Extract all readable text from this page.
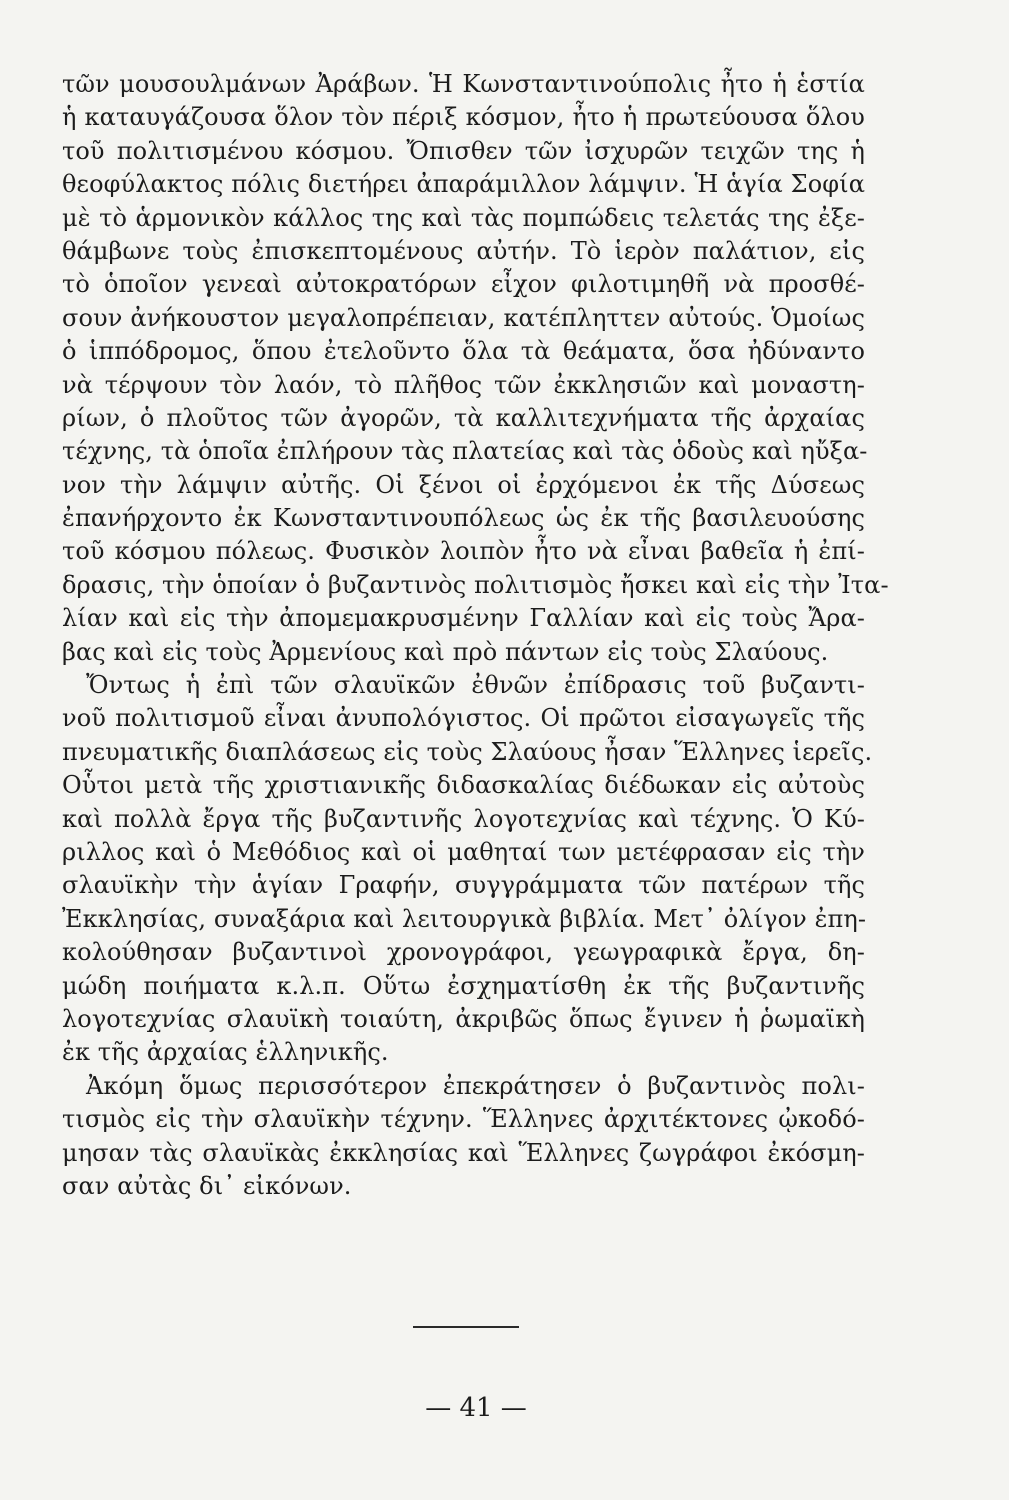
τῶν μουσουλμάνων Ἀράβων. Ἡ Κωνσταντινούπολις ἦτο ἡ ἑστία
ἡ καταυγάζουσα ὅλον τὸν πέριξ κόσμον, ἦτο ἡ πρωτεύουσα ὅλου
τοῦ πολιτισμένου κόσμου. Ὄπισθεν τῶν ἰσχυρῶν τειχῶν της ἡ
θεοφύλακτος πόλις διετήρει ἀπαράμιλλον λάμψιν. Ἡ ἁγία Σοφία
μὲ τὸ ἁρμονικὸν κάλλος της καὶ τὰς πομπώδεις τελετάς της ἐξε-
θάμβωνε τοὺς ἐπισκεπτομένους αὐτήν. Τὸ ἱερὸν παλάτιον, εἰς
τὸ ὁποῖον γενεαὶ αὐτοκρατόρων εἶχον φιλοτιμηθῆ νὰ προσθέ-
σουν ἀνήκουστον μεγαλοπρέπειαν, κατέπληττεν αὐτούς. Ὁμοίως
ὁ ἱππόδρομος, ὅπου ἐτελοῦντο ὅλα τὰ θεάματα, ὅσα ἠδύναντο
νὰ τέρψουν τὸν λαόν, τὸ πλῆθος τῶν ἐκκλησιῶν καὶ μοναστη-
ρίων, ὁ πλοῦτος τῶν ἀγορῶν, τὰ καλλιτεχνήματα τῆς ἀρχαίας
τέχνης, τὰ ὁποῖα ἐπλήρουν τὰς πλατείας καὶ τὰς ὁδοὺς καὶ ηὔξα-
νον τὴν λάμψιν αὐτῆς. Οἱ ξένοι οἱ ἐρχόμενοι ἐκ τῆς Δύσεως
ἐπανήρχοντο ἐκ Κωνσταντινουπόλεως ὡς ἐκ τῆς βασιλευούσης
τοῦ κόσμου πόλεως. Φυσικὸν λοιπὸν ἦτο νὰ εἶναι βαθεῖα ἡ ἐπί-
δρασις, τὴν ὁποίαν ὁ βυζαντινὸς πολιτισμὸς ἤσκει καὶ εἰς τὴν Ἰτα-
λίαν καὶ εἰς τὴν ἀπομεμακρυσμένην Γαλλίαν καὶ εἰς τοὺς Ἄρα-
βας καὶ εἰς τοὺς Ἀρμενίους καὶ πρὸ πάντων εἰς τοὺς Σλαύους.
Ὄντως ἡ ἐπὶ τῶν σλαυϊκῶν ἐθνῶν ἐπίδρασις τοῦ βυζαντι-
νοῦ πολιτισμοῦ εἶναι ἀνυπολόγιστος. Οἱ πρῶτοι εἰσαγωγεῖς τῆς
πνευματικῆς διαπλάσεως εἰς τοὺς Σλαύους ἦσαν Ἕλληνες ἱερεῖς.
Οὗτοι μετὰ τῆς χριστιανικῆς διδασκαλίας διέδωκαν εἰς αὐτοὺς
καὶ πολλὰ ἔργα τῆς βυζαντινῆς λογοτεχνίας καὶ τέχνης. Ὁ Κύ-
ριλλος καὶ ὁ Μεθόδιος καὶ οἱ μαθηταί των μετέφρασαν εἰς τὴν
σλαυϊκὴν τὴν ἁγίαν Γραφήν, συγγράμματα τῶν πατέρων τῆς
Ἐκκλησίας, συναξάρια καὶ λειτουργικὰ βιβλία. Μετ᾽ ὀλίγον ἐπη-
κολούθησαν βυζαντινοὶ χρονογράφοι, γεωγραφικὰ ἔργα, δη-
μώδη ποιήματα κ.λ.π. Οὕτω ἐσχηματίσθη ἐκ τῆς βυζαντινῆς
λογοτεχνίας σλαυϊκὴ τοιαύτη, ἀκριβῶς ὅπως ἔγινεν ἡ ῥωμαϊκὴ
ἐκ τῆς ἀρχαίας ἑλληνικῆς.
Ἀκόμη ὅμως περισσότερον ἐπεκράτησεν ὁ βυζαντινὸς πολι-
τισμὸς εἰς τὴν σλαυϊκὴν τέχνην. Ἕλληνες ἀρχιτέκτονες ᾠκοδό-
μησαν τὰς σλαυϊκὰς ἐκκλησίας καὶ Ἕλληνες ζωγράφοι ἐκόσμη-
σαν αὐτὰς δι᾽ εἰκόνων.
— 41 —
